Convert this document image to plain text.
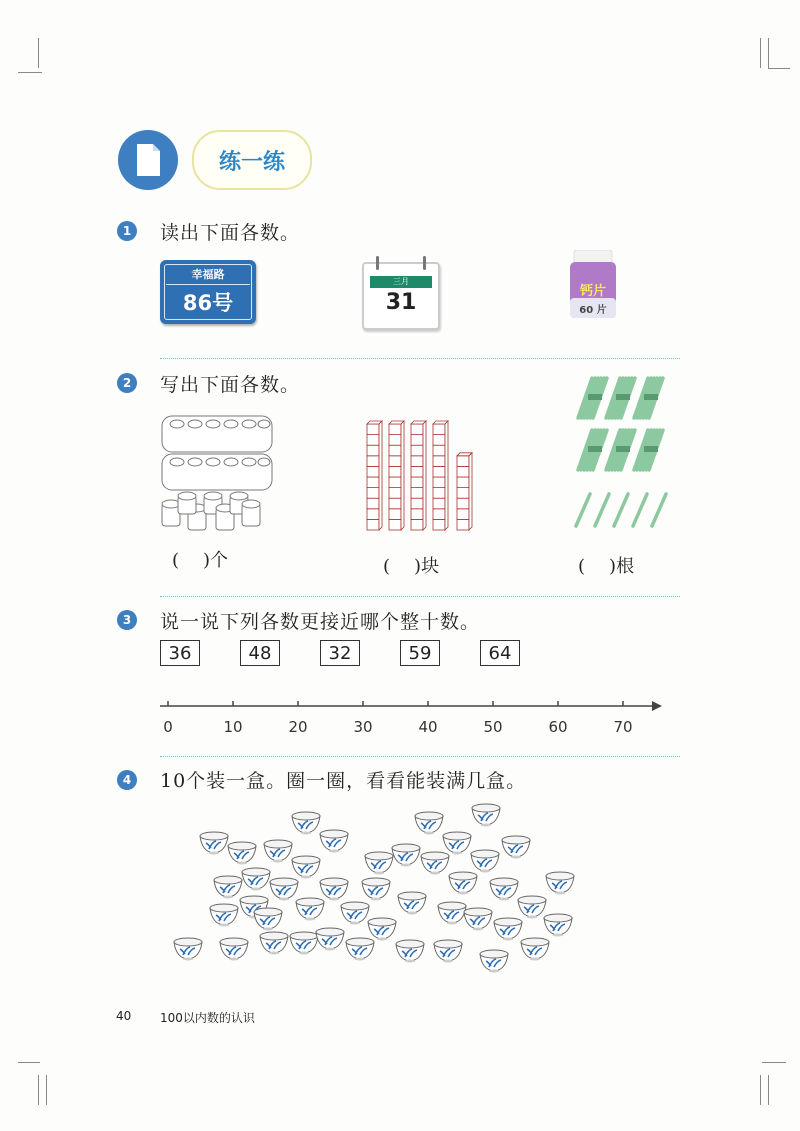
练一练
1	读出下面各数。
幸福路
86号
三月
31	钙片
60 片
2	写出下面各数。
( )个	( )块	( )根
3	说一说下列各数更接近哪个整十数。
36	48	32	59	64
0	10	20	30	40	50	60	70
4	10个装一盒。圈一圈，看看能装满几盒。
40 100以内数的认识
